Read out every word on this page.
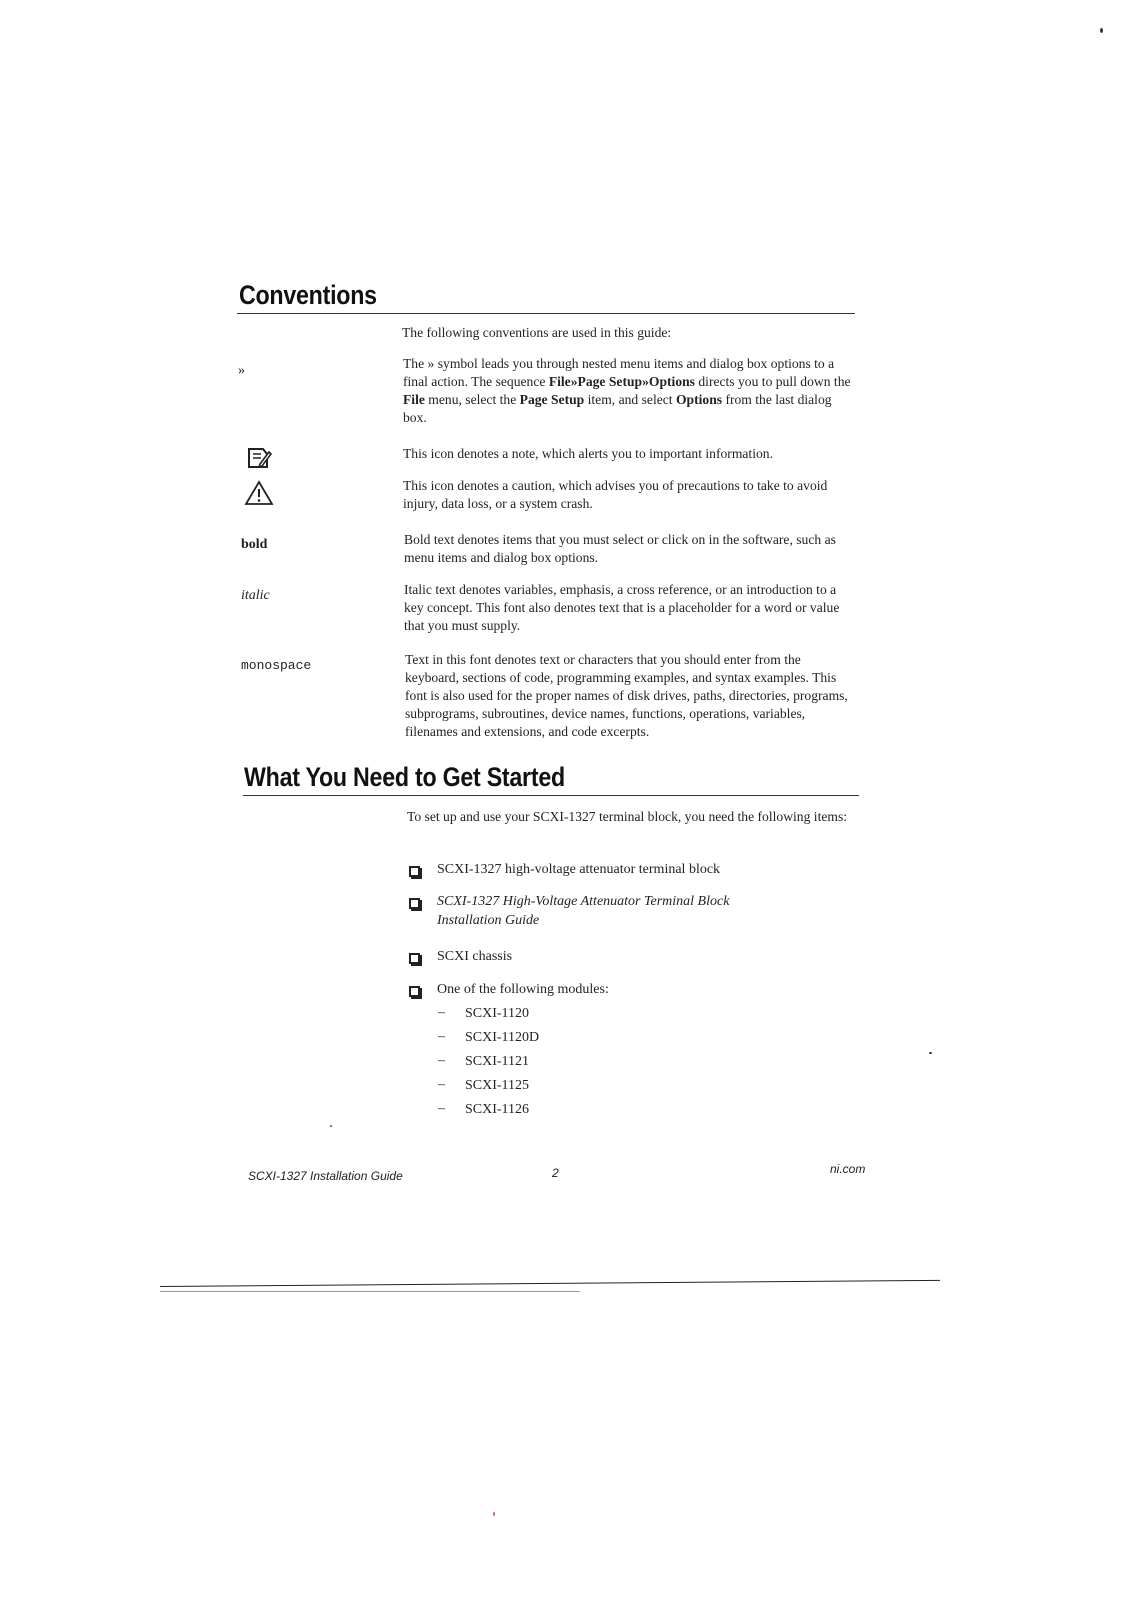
Conventions

The following conventions are used in this guide:

»	The » symbol leads you through nested menu items and dialog box options to a final action. The sequence File»Page Setup»Options directs you to pull down the File menu, select the Page Setup item, and select Options from the last dialog box.

This icon denotes a note, which alerts you to important information.

This icon denotes a caution, which advises you of precautions to take to avoid injury, data loss, or a system crash.

bold	Bold text denotes items that you must select or click on in the software, such as menu items and dialog box options.

italic	Italic text denotes variables, emphasis, a cross reference, or an introduction to a key concept. This font also denotes text that is a placeholder for a word or value that you must supply.

monospace	Text in this font denotes text or characters that you should enter from the keyboard, sections of code, programming examples, and syntax examples. This font is also used for the proper names of disk drives, paths, directories, programs, subprograms, subroutines, device names, functions, operations, variables, filenames and extensions, and code excerpts.

What You Need to Get Started

To set up and use your SCXI-1327 terminal block, you need the following items:

SCXI-1327 high-voltage attenuator terminal block
SCXI-1327 High-Voltage Attenuator Terminal Block Installation Guide
SCXI chassis
One of the following modules:
– SCXI-1120
– SCXI-1120D
– SCXI-1121
– SCXI-1125
– SCXI-1126
SCXI-1327 Installation Guide	2	ni.com
